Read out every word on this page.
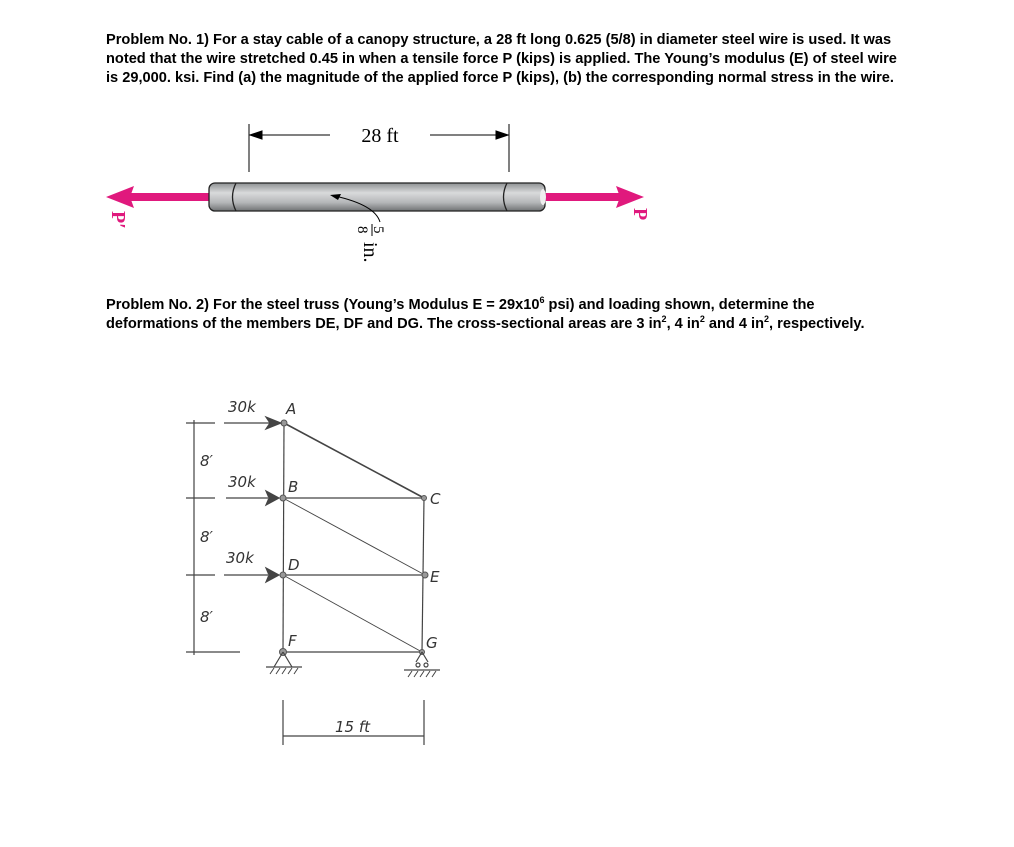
Problem No. 1) For a stay cable of a canopy structure, a 28 ft long 0.625 (5/8) in diameter steel wire is used. It was noted that the wire stretched 0.45 in when a tensile force P (kips) is applied. The Young’s modulus (E) of steel wire is 29,000. ksi. Find (a) the magnitude of the applied force P (kips), (b) the corresponding normal stress in the wire.
28 ft
P′	P
5
8
in.
A
B
C
D
E
F	G
30k
30k
30k
8′
8′
8′
15 ft
Problem No. 2) For the steel truss (Young’s Modulus $E = 29x10^6$ psi) and loading shown, determine the deformations of the members DE, DF and DG. The cross-sectional areas are 3 $in^2$, 4 $in^2$ and 4 $in^2$, respectively.
